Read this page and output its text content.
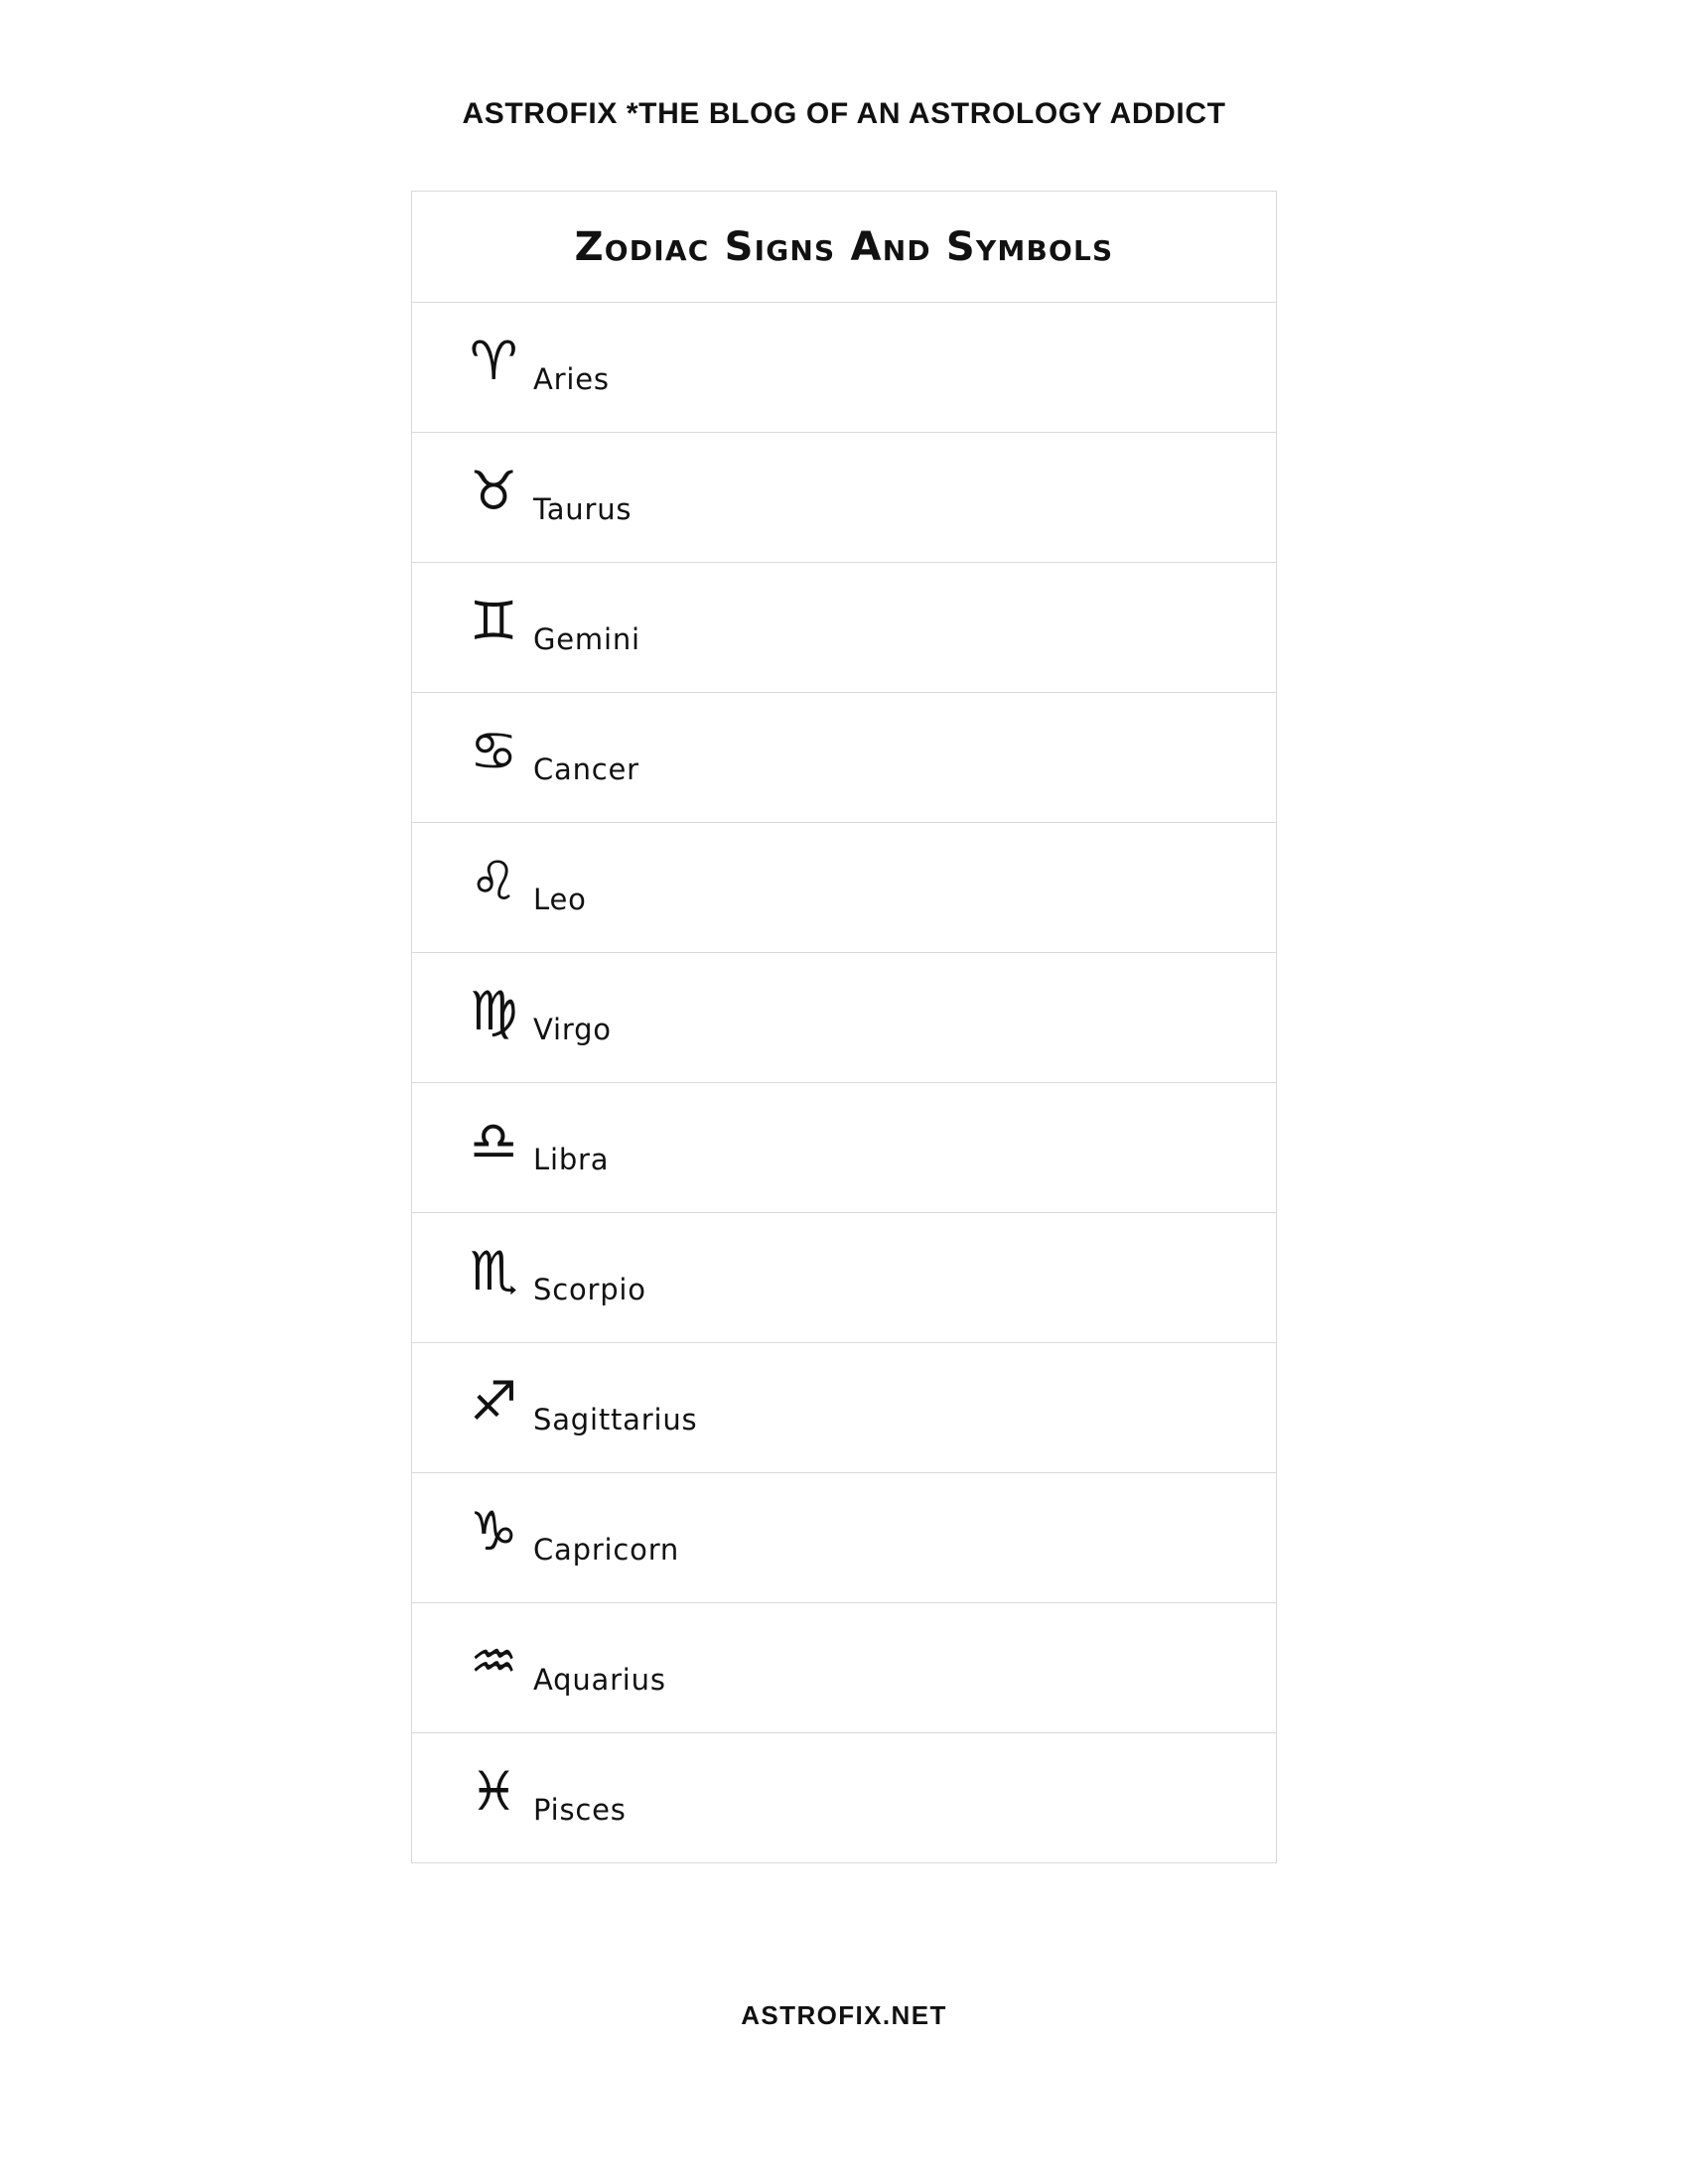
ASTROFIX *THE BLOG OF AN ASTROLOGY ADDICT
Zodiac Signs And Symbols
♈ Aries
♉ Taurus
♊ Gemini
♋ Cancer
♌ Leo
♍ Virgo
♎ Libra
♏ Scorpio
♐ Sagittarius
♑ Capricorn
♒ Aquarius
♓ Pisces
ASTROFIX.NET
